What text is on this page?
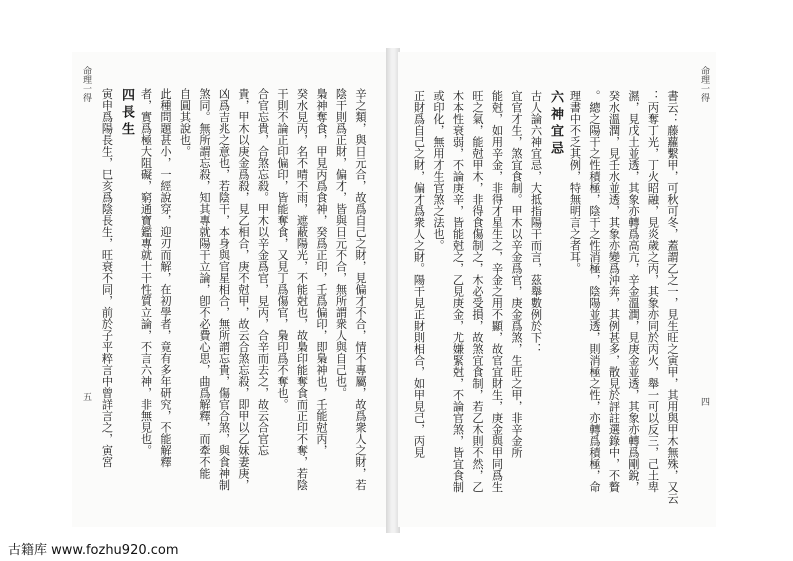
命理一得
五	辛之類，與日元合，故爲自己之財，見偏才不合，情不專屬，故爲衆人之財，若
陰干則爲正財，偏才，皆與日元不合，無所謂衆人與自己也。
梟神奪食，甲見丙爲食神，癸爲正印，壬爲偏印，即梟神也，壬能尅丙，
癸水見丙，名不晴不雨，遮蔽陽光，不能尅也，故梟印能奪食而正印不奪，若陰
干則不論正印偏印，皆能奪食，又見丁爲傷官，梟印爲不奪也。
合官忘貴，合煞忘殺。甲木以辛金爲官，見丙，合辛而去之，故云合官忘
貴，甲木以庚金爲殺，見乙相合，庚不尅甲，故云合煞忘殺，即甲以乙妹妻庚，
凶爲吉兆之意也，若陰干，本身與官星相合，無所謂忘貴，傷官合煞，與食神制
煞同。無所謂忘殺，知其專就陽干立論，卽不必費心思，曲爲解釋，而牽不能
自圓其說也。
此種問題甚小，一經說穿，迎刃而解，在初學者，竟有多年研究，不能解釋
者，實爲極大阻礙，窮通寶鑑專就十干性質立論，不言六神，非無見也。
四長生
寅申爲陽長生，巳亥爲陰長生，旺衰不同，前於子平粹言中曾詳言之，寅宮
命理一得
四
書云：藤蘿繫甲，可秋可冬，蓋謂乙之一，見生旺之寅甲，其用與甲木無殊，又云
：丙奪丁光，丁火昭融，見炎歲之丙，其象亦同於丙火，舉一可以反三，己土卑
濕，見戊土並透，其象亦轉爲高亢，辛金溫潤，見庚金並透，其象亦轉爲剛銳，
癸水溫潤，見壬水並透，其象亦變爲沖奔，其例甚多，散見於評註選錄中，不贅
。總之陽干之性積極，陰干之性消極，陰陽並透，則消極之性，亦轉爲積極，命
理書中不乏其例，特無明言之者耳。
六神宜忌
古人論六神宜忌，大抵指陽干而言，茲舉數例於下：
宜官才生，煞宜食制。甲木以辛金爲官，庚金爲煞，生旺之甲，非辛金所
能尅，如用辛金，非得才星生之，辛金之用不顯，故官宜財生，庚金與甲同爲生
旺之氣，能尅甲木，非得食傷制之，木必受損，故煞宜食制，若乙木則不然，乙
木本性衰弱，不論庚辛，皆能尅之，乙見庚金，尤嫌緊尅，不論官煞，皆宜食制
或印化，無用才生官煞之法也。
正財爲自己之財，偏才爲衆人之財。陽干見正財則相合，如甲見己，丙見
古籍库 www.fozhu920.com
